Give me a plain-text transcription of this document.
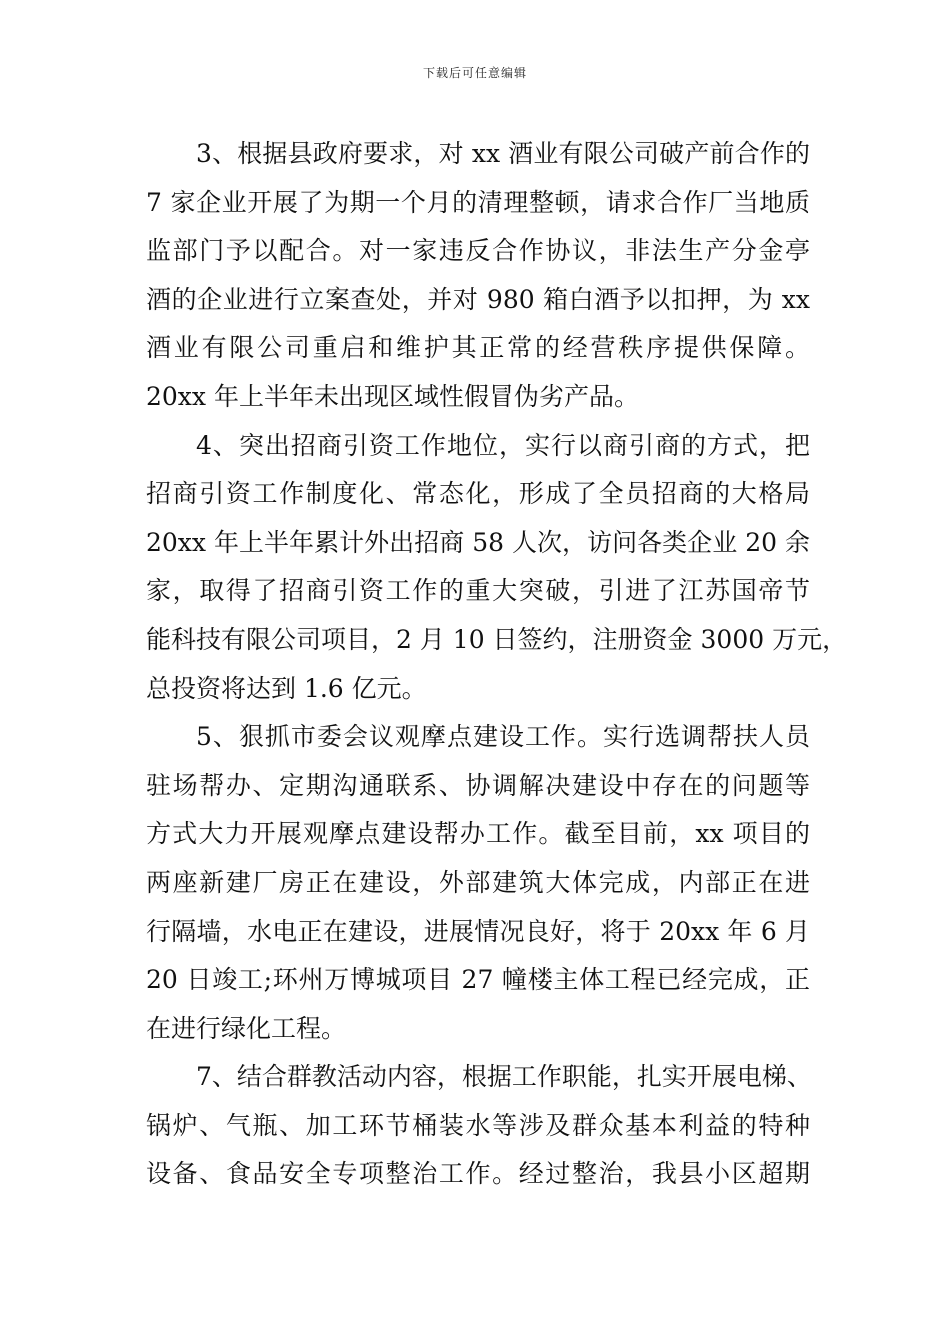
下载后可任意编辑
3、根据县政府要求，对 xx 酒业有限公司破产前合作的
7 家企业开展了为期一个月的清理整顿，请求合作厂当地质
监部门予以配合。对一家违反合作协议，非法生产分金亭
酒的企业进行立案查处，并对 980 箱白酒予以扣押，为 xx
酒业有限公司重启和维护其正常的经营秩序提供保障。
20xx 年上半年未出现区域性假冒伪劣产品。
4、突出招商引资工作地位，实行以商引商的方式，把
招商引资工作制度化、常态化，形成了全员招商的大格局
20xx 年上半年累计外出招商 58 人次，访问各类企业 20 余
家，取得了招商引资工作的重大突破，引进了江苏国帝节
能科技有限公司项目，2 月 10 日签约，注册资金 3000 万元，
总投资将达到 1.6 亿元。
5、狠抓市委会议观摩点建设工作。实行选调帮扶人员
驻场帮办、定期沟通联系、协调解决建设中存在的问题等
方式大力开展观摩点建设帮办工作。截至目前，xx 项目的
两座新建厂房正在建设，外部建筑大体完成，内部正在进
行隔墙，水电正在建设，进展情况良好，将于 20xx 年 6 月
20 日竣工;环州万博城项目 27 幢楼主体工程已经完成，正
在进行绿化工程。
7、结合群教活动内容，根据工作职能，扎实开展电梯、
锅炉、气瓶、加工环节桶装水等涉及群众基本利益的特种
设备、食品安全专项整治工作。经过整治，我县小区超期
